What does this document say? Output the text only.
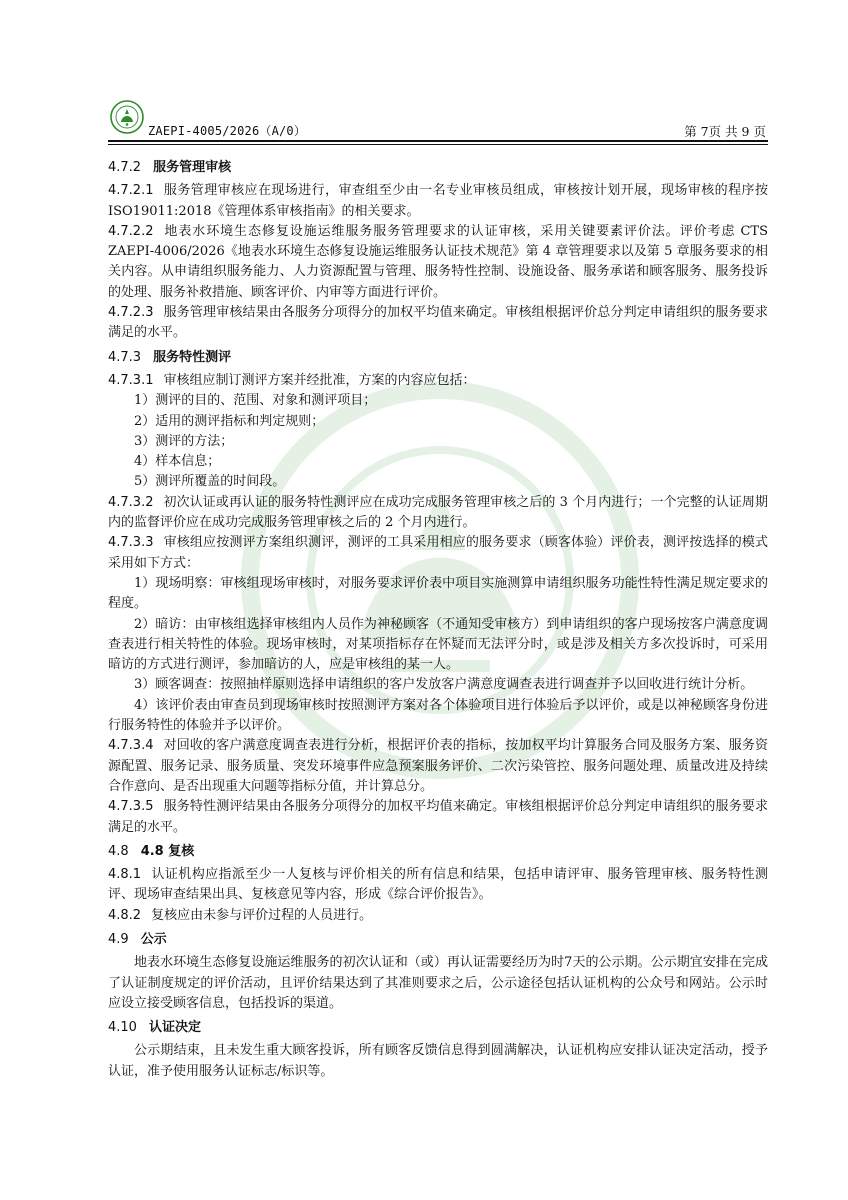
ZAEPI-4005/2026（A/0）	第 7页 共 9 页
4.7.2 服务管理审核

4.7.2.1 服务管理审核应在现场进行，审查组至少由一名专业审核员组成，审核按计划开展，现场审核的程序按 ISO19011:2018《管理体系审核指南》的相关要求。

4.7.2.2 地表水环境生态修复设施运维服务服务管理要求的认证审核，采用关键要素评价法。评价考虑 CTS ZAEPI-4006/2026《地表水环境生态修复设施运维服务认证技术规范》第 4 章管理要求以及第 5 章服务要求的相关内容。从申请组织服务能力、人力资源配置与管理、服务特性控制、设施设备、服务承诺和顾客服务、服务投诉的处理、服务补救措施、顾客评价、内审等方面进行评价。

4.7.2.3 服务管理审核结果由各服务分项得分的加权平均值来确定。审核组根据评价总分判定申请组织的服务要求满足的水平。

4.7.3 服务特性测评

4.7.3.1 审核组应制订测评方案并经批准，方案的内容应包括：

1）测评的目的、范围、对象和测评项目；

2）适用的测评指标和判定规则；

3）测评的方法；

4）样本信息；

5）测评所覆盖的时间段。

4.7.3.2 初次认证或再认证的服务特性测评应在成功完成服务管理审核之后的 3 个月内进行；一个完整的认证周期内的监督评价应在成功完成服务管理审核之后的 2 个月内进行。

4.7.3.3 审核组应按测评方案组织测评，测评的工具采用相应的服务要求（顾客体验）评价表，测评按选择的模式采用如下方式：

1）现场明察：审核组现场审核时，对服务要求评价表中项目实施测算申请组织服务功能性特性满足规定要求的程度。

2）暗访：由审核组选择审核组内人员作为神秘顾客（不通知受审核方）到申请组织的客户现场按客户满意度调查表进行相关特性的体验。现场审核时，对某项指标存在怀疑而无法评分时，或是涉及相关方多次投诉时，可采用暗访的方式进行测评，参加暗访的人，应是审核组的某一人。

3）顾客调查：按照抽样原则选择申请组织的客户发放客户满意度调查表进行调查并予以回收进行统计分析。

4）该评价表由审查员到现场审核时按照测评方案对各个体验项目进行体验后予以评价，或是以神秘顾客身份进行服务特性的体验并予以评价。

4.7.3.4 对回收的客户满意度调查表进行分析，根据评价表的指标，按加权平均计算服务合同及服务方案、服务资源配置、服务记录、服务质量、突发环境事件应急预案服务评价、二次污染管控、服务问题处理、质量改进及持续合作意向、是否出现重大问题等指标分值，并计算总分。

4.7.3.5 服务特性测评结果由各服务分项得分的加权平均值来确定。审核组根据评价总分判定申请组织的服务要求满足的水平。

4.8 4.8 复核

4.8.1 认证机构应指派至少一人复核与评价相关的所有信息和结果，包括申请评审、服务管理审核、服务特性测评、现场审查结果出具、复核意见等内容，形成《综合评价报告》。

4.8.2 复核应由未参与评价过程的人员进行。

4.9 公示

地表水环境生态修复设施运维服务的初次认证和（或）再认证需要经历为时7天的公示期。公示期宜安排在完成了认证制度规定的评价活动，且评价结果达到了其准则要求之后，公示途径包括认证机构的公众号和网站。公示时应设立接受顾客信息，包括投诉的渠道。

4.10 认证决定

公示期结束，且未发生重大顾客投诉，所有顾客反馈信息得到圆满解决，认证机构应安排认证决定活动，授予认证，准予使用服务认证标志/标识等。
